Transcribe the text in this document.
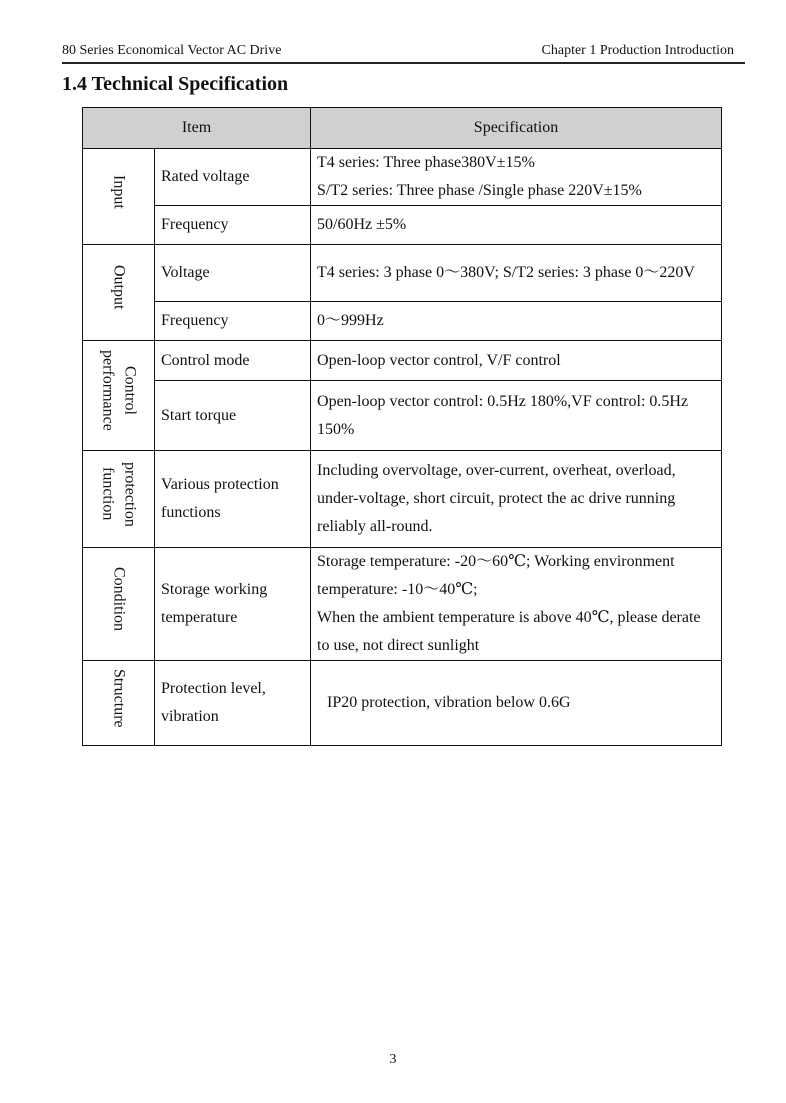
80 Series Economical Vector AC Drive	Chapter 1 Production Introduction
1.4 Technical Specification
Item		Specification
Input	Rated voltage	T4 series: Three phase380V±15%
S/T2 series: Three phase /Single phase 220V±15%

	Frequency	50/60Hz ±5%
Output	Voltage	T4 series: 3 phase 0～380V; S/T2 series: 3 phase 0～220V
	Frequency	0～999Hz
Control
performance	Control mode	Open-loop vector control, V/F control
	Start torque	Open-loop vector control: 0.5Hz 180%,VF control: 0.5Hz 150%
protection
function	Various protection functions	Including overvoltage, over-current, overheat, overload, under-voltage, short circuit, protect the ac drive running reliably all-round.
Condition	Storage working temperature	Storage temperature: -20～60℃; Working environment temperature: -10～40℃;
When the ambient temperature is above 40℃, please derate to use, not direct sunlight

Structure	Protection level, vibration	IP20 protection, vibration below 0.6G
3
